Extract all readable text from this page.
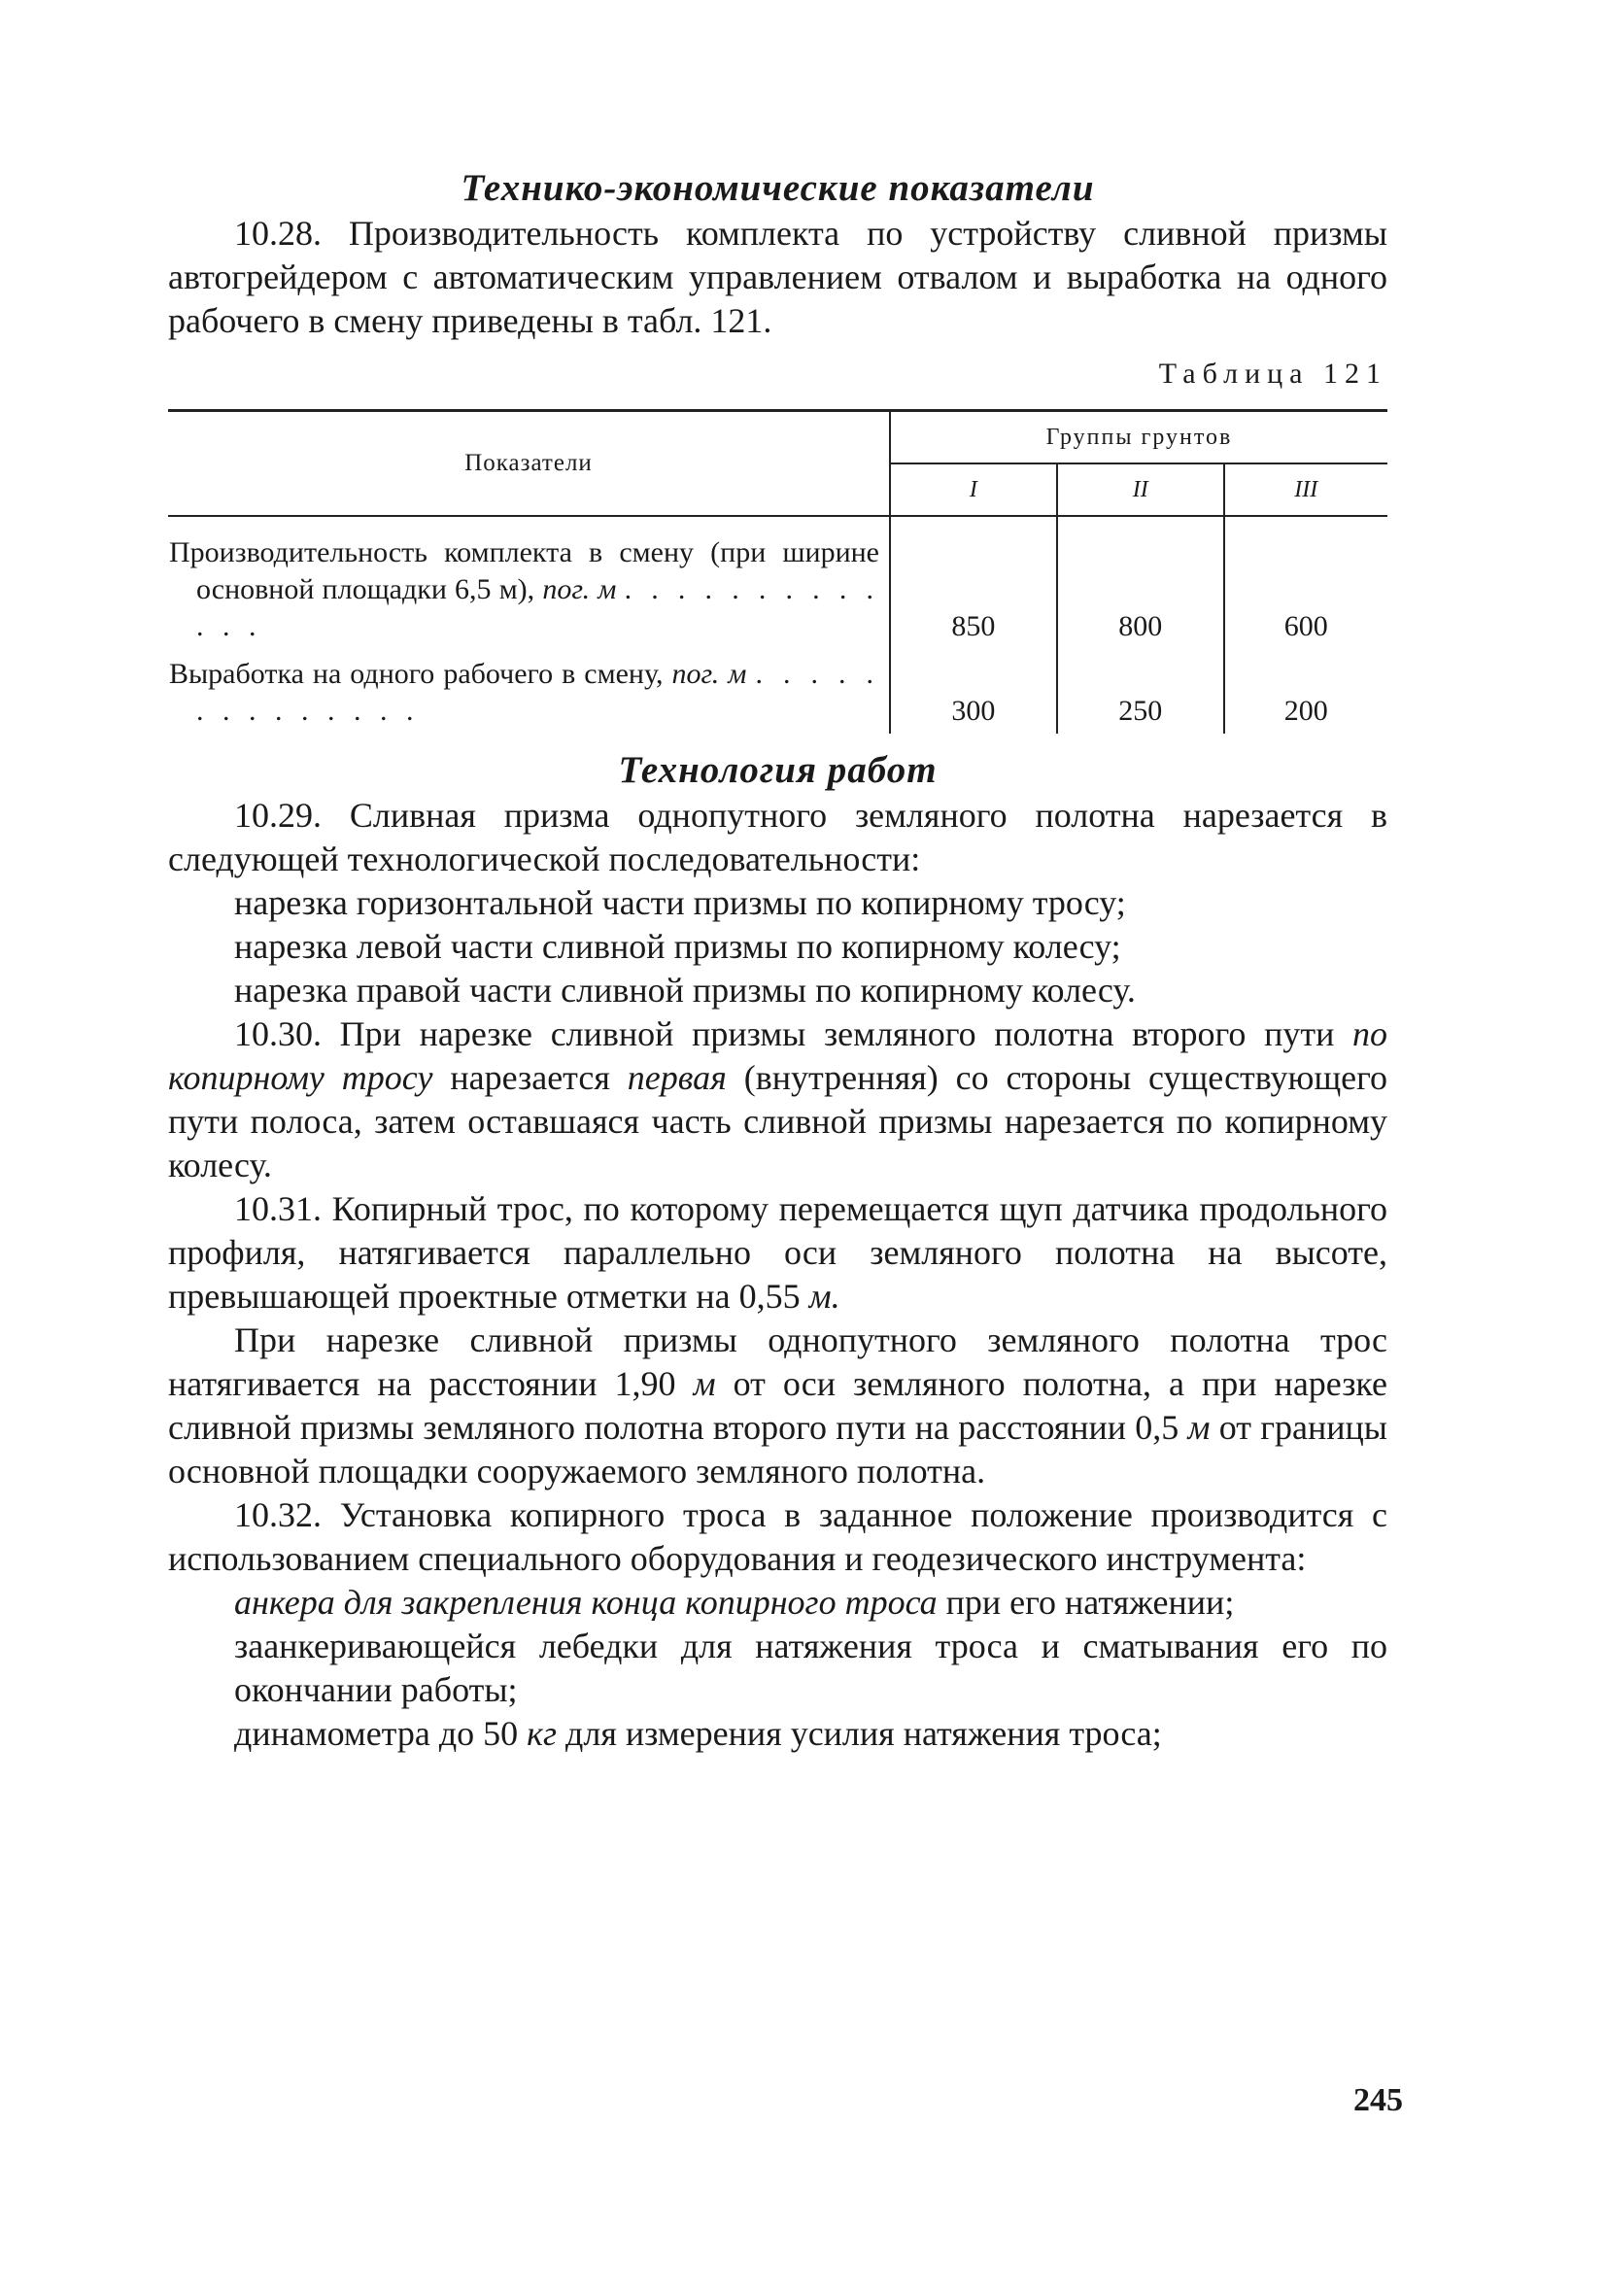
Технико-экономические показатели

10.28. Производительность комплекта по устройству сливной призмы автогрейдером с автоматическим управлением отвалом и выработка на одного рабочего в смену приведены в табл. 121.

Таблица 121
Показатели	Группы грунтов		
	I	II	III

Производительность комплекта в смену (при ширине основной площадки 6,5 м), пог. м . . . . . . . . . . . . .	850	800	600

Выработка на одного рабочего в смену, пог. м . . . . . . . . . . . . . .	300	250	200
Технология работ

10.29. Сливная призма однопутного земляного полотна нарезается в следующей технологической последовательности:

нарезка горизонтальной части призмы по копирному тросу;

нарезка левой части сливной призмы по копирному колесу;

нарезка правой части сливной призмы по копирному колесу.

10.30. При нарезке сливной призмы земляного полотна второго пути по копирному тросу нарезается первая (внутренняя) со стороны существующего пути полоса, затем оставшаяся часть сливной призмы нарезается по копирному колесу.

10.31. Копирный трос, по которому перемещается щуп датчика продольного профиля, натягивается параллельно оси земляного полотна на высоте, превышающей проектные отметки на 0,55 м.

При нарезке сливной призмы однопутного земляного полотна трос натягивается на расстоянии 1,90 м от оси земляного полотна, а при нарезке сливной призмы земляного полотна второго пути на расстоянии 0,5 м от границы основной площадки сооружаемого земляного полотна.

10.32. Установка копирного троса в заданное положение производится с использованием специального оборудования и геодезического инструмента:

анкера для закрепления конца копирного троса при его натяжении;

заанкеривающейся лебедки для натяжения троса и сматывания его по окончании работы;

динамометра до 50 кг для измерения усилия натяжения троса;

245
